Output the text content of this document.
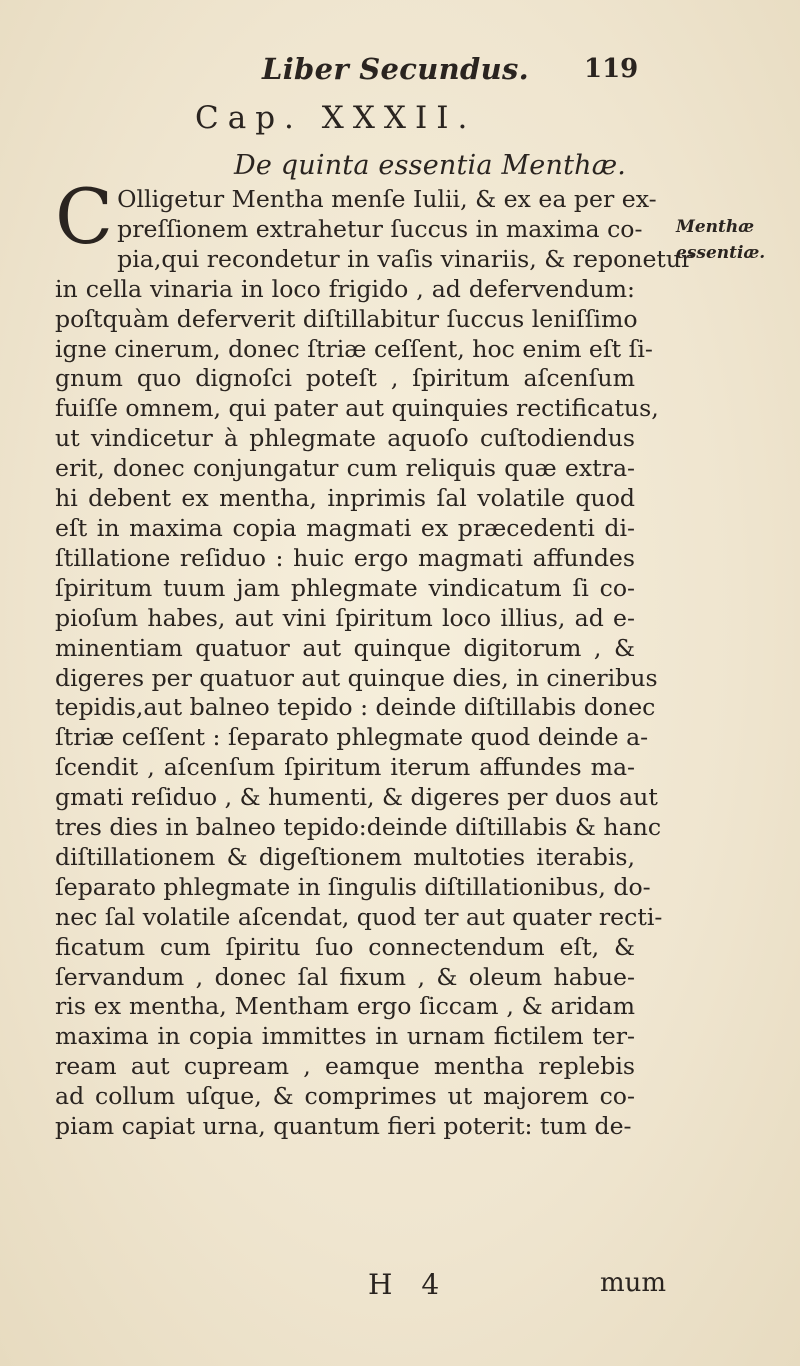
Liber Secundus. 119
Cap. XXXII.
De quinta essentia Menthæ.
Menthæ
essentiæ.
C Olligetur Mentha menſe Iulii, & ex ea per ex-
preſſionem extrahetur ſuccus in maxima co-
pia,qui recondetur in vaſis vinariis, & reponetur
in cella vinaria in loco frigido , ad defervendum:
poſtquàm deferverit diſtillabitur ſuccus leniſſimo
igne cinerum, donec ſtriæ ceſſent, hoc enim eſt ſi-
gnum quo dignoſci poteſt , ſpiritum aſcenſum
fuiſſe omnem, qui pater aut quinquies rectificatus,
ut vindicetur à phlegmate aquoſo cuſtodiendus
erit, donec conjungatur cum reliquis quæ extra-
hi debent ex mentha, inprimis ſal volatile quod
eſt in maxima copia magmati ex præcedenti di-
ſtillatione reſiduo : huic ergo magmati affundes
ſpiritum tuum jam phlegmate vindicatum ſi co-
pioſum habes, aut vini ſpiritum loco illius, ad e-
minentiam quatuor aut quinque digitorum , &
digeres per quatuor aut quinque dies, in cineribus
tepidis,aut balneo tepido : deinde diſtillabis donec
ſtriæ ceſſent : ſeparato phlegmate quod deinde a-
ſcendit , aſcenſum ſpiritum iterum affundes ma-
gmati reſiduo , & humenti, & digeres per duos aut
tres dies in balneo tepido:deinde diſtillabis & hanc
diſtillationem & digeſtionem multoties iterabis,
ſeparato phlegmate in ſingulis diſtillationibus, do-
nec ſal volatile aſcendat, quod ter aut quater recti-
ficatum cum ſpiritu ſuo connectendum eſt, &
ſervandum , donec ſal fixum , & oleum habue-
ris ex mentha, Mentham ergo ſiccam , & aridam
maxima in copia immittes in urnam fictilem ter-
ream aut cupream , eamque mentha replebis
ad collum uſque, & comprimes ut majorem co-
piam capiat urna, quantum fieri poterit: tum de-
H 4	mum
